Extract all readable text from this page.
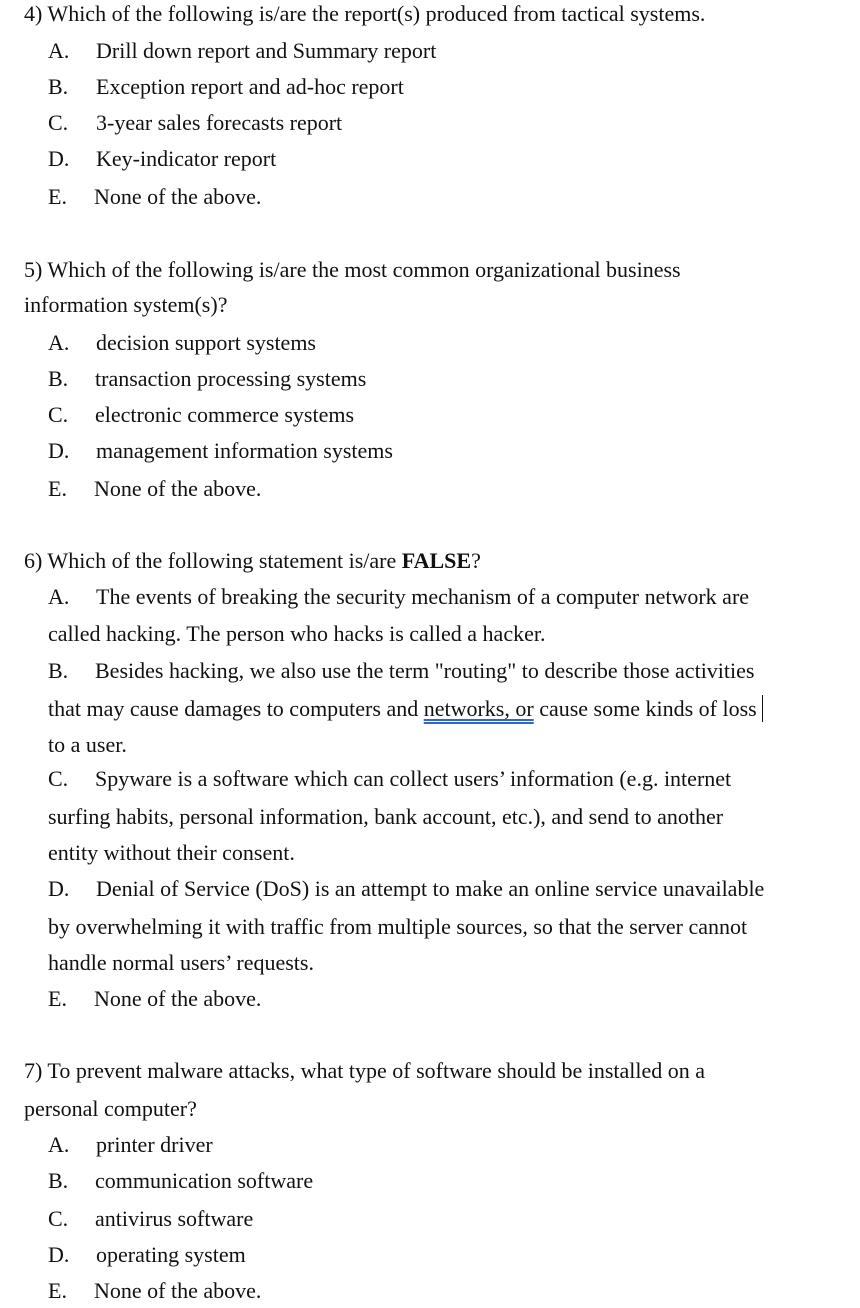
4) Which of the following is/are the report(s) produced from tactical systems.
A. Drill down report and Summary report
B. Exception report and ad-hoc report
C. 3-year sales forecasts report
D. Key-indicator report
E. None of the above.
5) Which of the following is/are the most common organizational business
information system(s)?
A. decision support systems
B. transaction processing systems
C. electronic commerce systems
D. management information systems
E. None of the above.
6) Which of the following statement is/are FALSE?
A. The events of breaking the security mechanism of a computer network are
called hacking. The person who hacks is called a hacker.
B. Besides hacking, we also use the term "routing" to describe those activities
that may cause damages to computers and networks, or cause some kinds of loss
to a user.
C. Spyware is a software which can collect users’ information (e.g. internet
surfing habits, personal information, bank account, etc.), and send to another
entity without their consent.
D. Denial of Service (DoS) is an attempt to make an online service unavailable
by overwhelming it with traffic from multiple sources, so that the server cannot
handle normal users’ requests.
E. None of the above.
7) To prevent malware attacks, what type of software should be installed on a
personal computer?
A. printer driver
B. communication software
C. antivirus software
D. operating system
E. None of the above.
